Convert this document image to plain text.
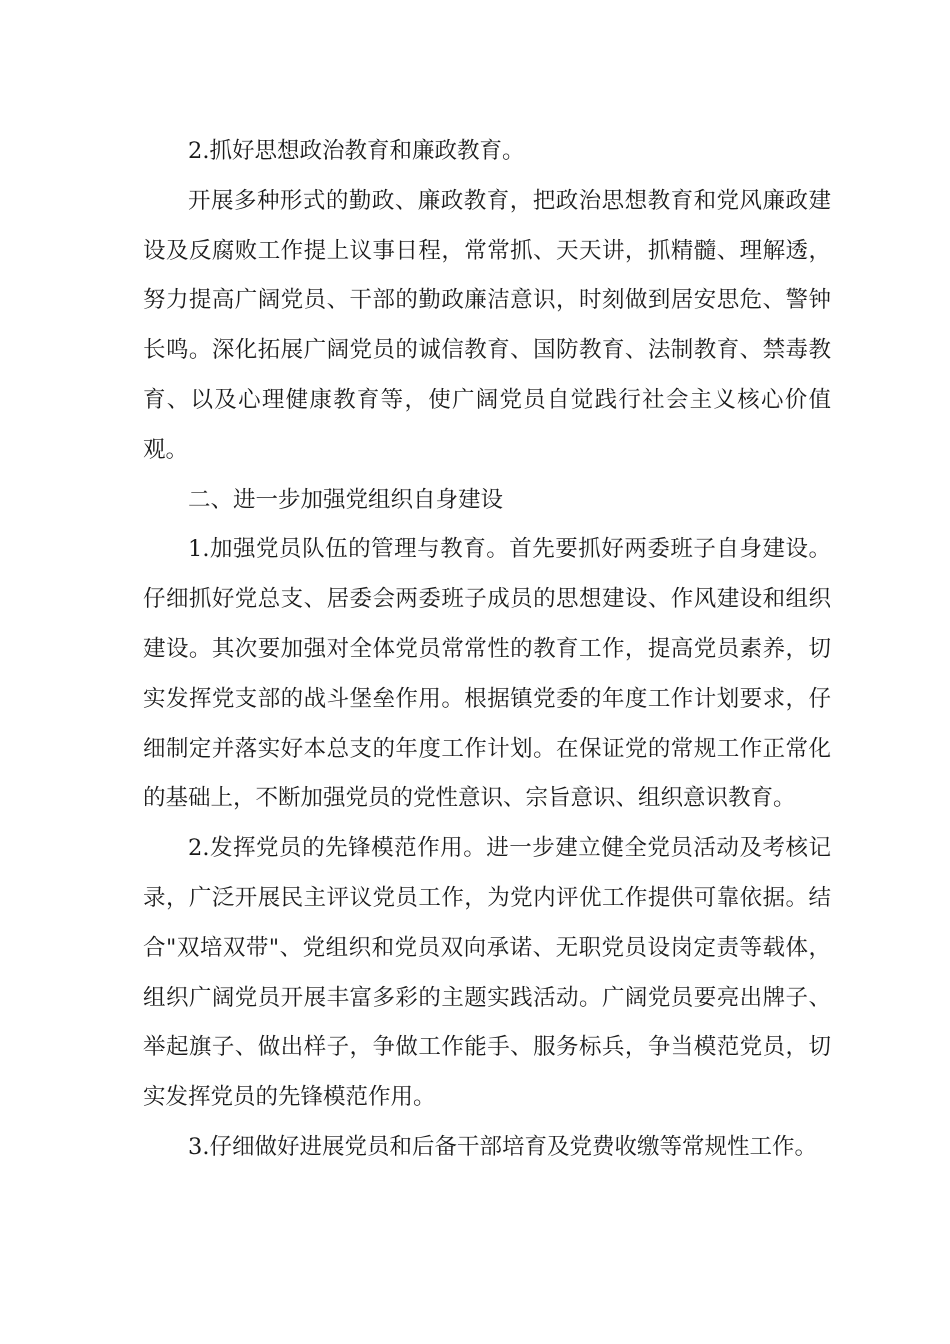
2.抓好思想政治教育和廉政教育。

开展多种形式的勤政、廉政教育，把政治思想教育和党风廉政建设及反腐败工作提上议事日程，常常抓、天天讲，抓精髓、理解透，努力提高广阔党员、干部的勤政廉洁意识，时刻做到居安思危、警钟长鸣。深化拓展广阔党员的诚信教育、国防教育、法制教育、禁毒教育、以及心理健康教育等，使广阔党员自觉践行社会主义核心价值观。

二、进一步加强党组织自身建设

1.加强党员队伍的管理与教育。首先要抓好两委班子自身建设。仔细抓好党总支、居委会两委班子成员的思想建设、作风建设和组织建设。其次要加强对全体党员常常性的教育工作，提高党员素养，切实发挥党支部的战斗堡垒作用。根据镇党委的年度工作计划要求，仔细制定并落实好本总支的年度工作计划。在保证党的常规工作正常化的基础上，不断加强党员的党性意识、宗旨意识、组织意识教育。

2.发挥党员的先锋模范作用。进一步建立健全党员活动及考核记录，广泛开展民主评议党员工作，为党内评优工作提供可靠依据。结合"双培双带"、党组织和党员双向承诺、无职党员设岗定责等载体，组织广阔党员开展丰富多彩的主题实践活动。广阔党员要亮出牌子、举起旗子、做出样子，争做工作能手、服务标兵，争当模范党员，切实发挥党员的先锋模范作用。

3.仔细做好进展党员和后备干部培育及党费收缴等常规性工作。
